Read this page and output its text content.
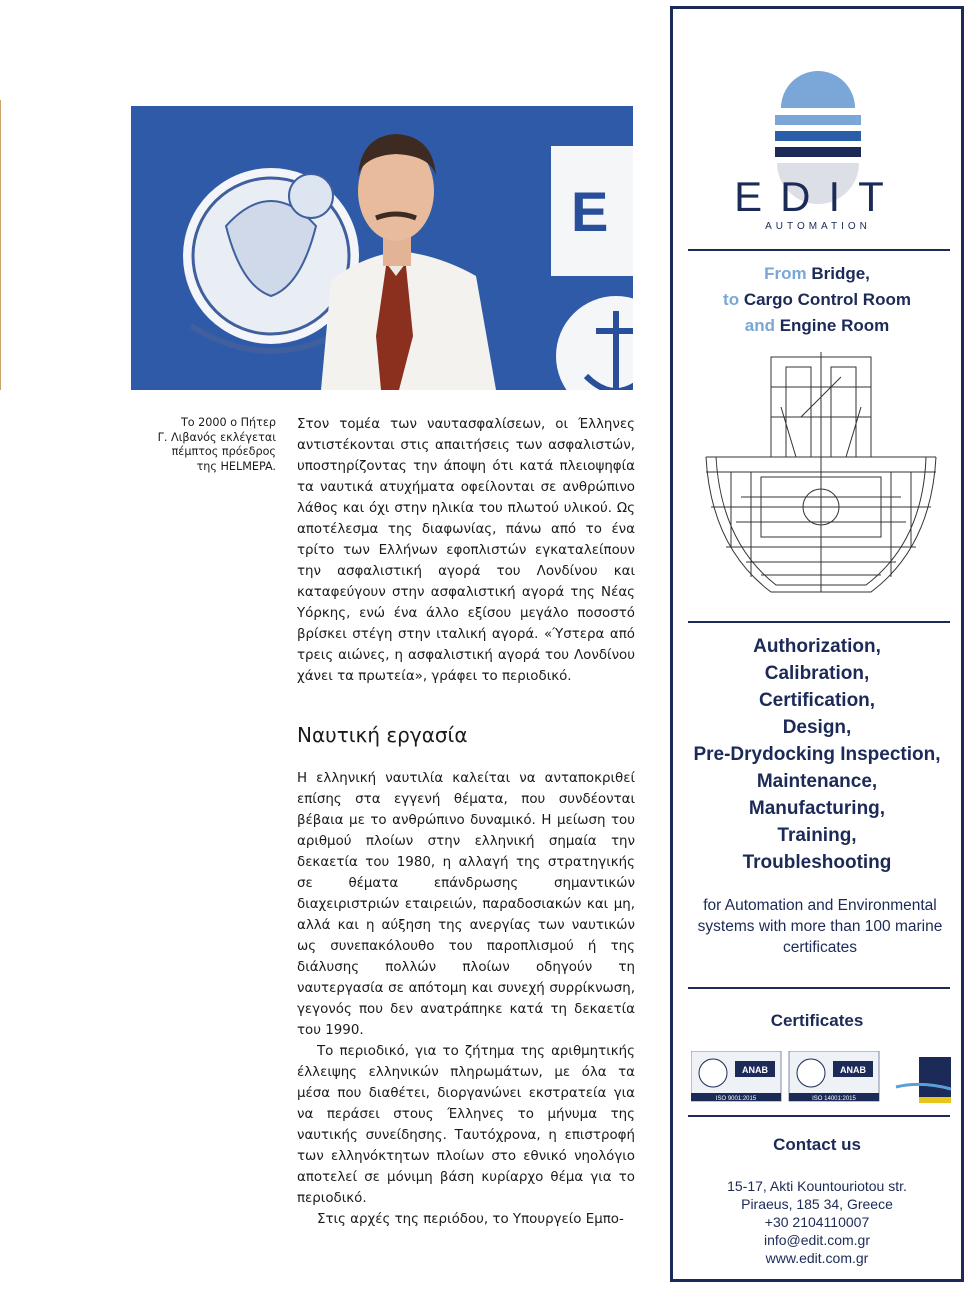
E
Το 2000 ο Πήτερ
Γ. Λιβανός εκλέγεται
πέμπτος πρόεδρος
της HELMEPA.

Στον τομέα των ναυτασφαλίσεων, οι Έλληνες αντιστέκονται στις απαιτήσεις των ασφαλιστών, υποστηρίζοντας την άποψη ότι κατά πλειοψηφία τα ναυτικά ατυχήματα οφείλονται σε ανθρώπινο λάθος και όχι στην ηλικία του πλωτού υλικού. Ως αποτέλεσμα της διαφωνίας, πάνω από το ένα τρίτο των Ελλήνων εφοπλιστών εγκαταλείπουν την ασφαλιστική αγορά του Λονδίνου και καταφεύγουν στην ασφαλιστική αγορά της Νέας Υόρκης, ενώ ένα άλλο εξίσου μεγάλο ποσοστό βρίσκει στέγη στην ιταλική αγορά. «Ύστερα από τρεις αιώνες, η ασφαλιστική αγορά του Λονδίνου χάνει τα πρωτεία», γράφει το περιοδικό.

Ναυτική εργασία

Η ελληνική ναυτιλία καλείται να ανταποκριθεί επίσης στα εγγενή θέματα, που συνδέονται βέβαια με το ανθρώπινο δυναμικό. Η μείωση του αριθμού πλοίων στην ελληνική σημαία την δεκαετία του 1980, η αλλαγή της στρατηγικής σε θέματα επάνδρωσης σημαντικών διαχειριστριών εταιρειών, παραδοσιακών και μη, αλλά και η αύξηση της ανεργίας των ναυτικών ως συνεπακόλουθο του παροπλισμού ή της διάλυσης πολλών πλοίων οδηγούν τη ναυτεργασία σε απότομη και συνεχή συρρίκνωση, γεγονός που δεν ανατράπηκε κατά τη δεκαετία του 1990.

Το περιοδικό, για το ζήτημα της αριθμητικής έλλειψης ελληνικών πληρωμάτων, με όλα τα μέσα που διαθέτει, διοργανώνει εκστρατεία για να περάσει στους Έλληνες το μήνυμα της ναυτικής συνείδησης. Ταυτόχρονα, η επιστροφή των ελληνόκτητων πλοίων στο εθνικό νηολόγιο αποτελεί σε μόνιμη βάση κυρίαρχο θέμα για το περιοδικό.

Στις αρχές της περιόδου, το Υπουργείο Εμπο-

EDIT
AUTOMATION
From Bridge,
to Cargo Control Room
and Engine Room
Authorization,
Calibration,
Certification,
Design,
Pre-Drydocking Inspection,
Maintenance,
Manufacturing,
Training,
Troubleshooting
for Automation and Environmental systems with more than 100 marine certificates
Certificates
ANAB
ISO 9001:2015
ANAB
ISO 14001:2015
Contact us
15-17, Akti Kountouriotou str.
Piraeus, 185 34, Greece
+30 2104110007
info@edit.com.gr
www.edit.com.gr
